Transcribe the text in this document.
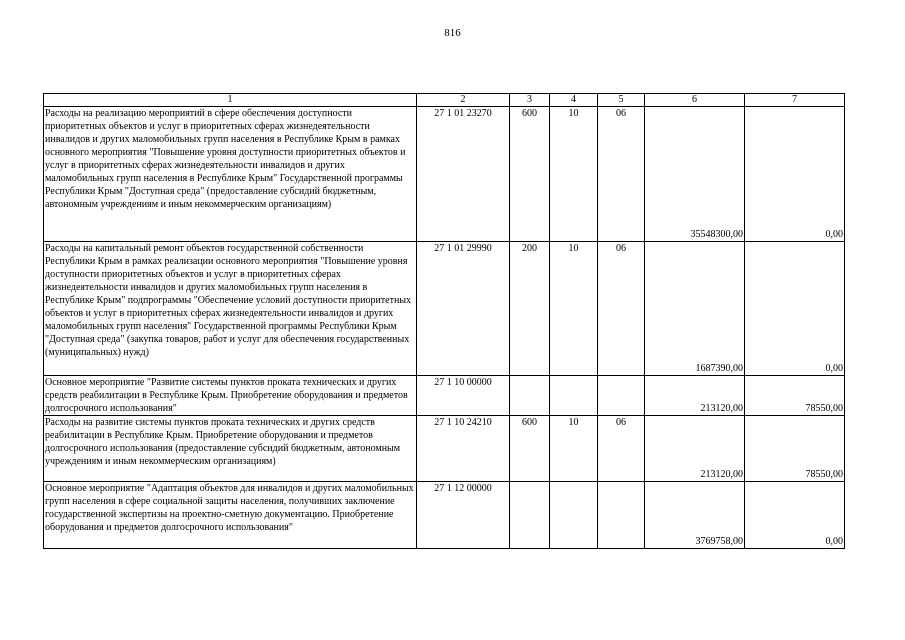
816
1	2	3	4	5	6	7
Расходы на реализацию мероприятий в сфере обеспечения доступности приоритетных объектов и услуг в приоритетных сферах жизнедеятельности инвалидов и других маломобильных групп населения в Республике Крым в рамках основного мероприятия "Повышение уровня доступности приоритетных объектов и услуг в приоритетных сферах жизнедеятельности инвалидов и других маломобильных групп населения в Республике Крым" Государственной программы Республики Крым "Доступная среда" (предоставление субсидий бюджетным, автономным учреждениям и иным некоммерческим организациям)	27 1 01 23270	600	10	06	35548300,00	0,00
Расходы на капитальный ремонт объектов государственной собственности Республики Крым в рамках реализации основного мероприятия "Повышение уровня доступности приоритетных объектов и услуг в приоритетных сферах жизнедеятельности инвалидов и других маломобильных групп населения в Республике Крым" подпрограммы "Обеспечение условий доступности приоритетных объектов и услуг в приоритетных сферах жизнедеятельности инвалидов и других маломобильных групп населения" Государственной программы Республики Крым "Доступная среда" (закупка товаров, работ и услуг для обеспечения государственных (муниципальных) нужд)	27 1 01 29990	200	10	06	1687390,00	0,00
Основное мероприятие "Развитие системы пунктов проката технических и других средств реабилитации в Республике Крым. Приобретение оборудования и предметов долгосрочного использования"	27 1 10 00000				213120,00	78550,00
Расходы на развитие системы пунктов проката технических и других средств реабилитации в Республике Крым. Приобретение оборудования и предметов долгосрочного использования (предоставление субсидий бюджетным, автономным учреждениям и иным некоммерческим организациям)	27 1 10 24210	600	10	06	213120,00	78550,00
Основное мероприятие "Адаптация объектов для инвалидов и других маломобильных групп населения в сфере социальной защиты населения, получивших заключение государственной экспертизы на проектно-сметную документацию. Приобретение оборудования и предметов долгосрочного использования"	27 1 12 00000				3769758,00	0,00
